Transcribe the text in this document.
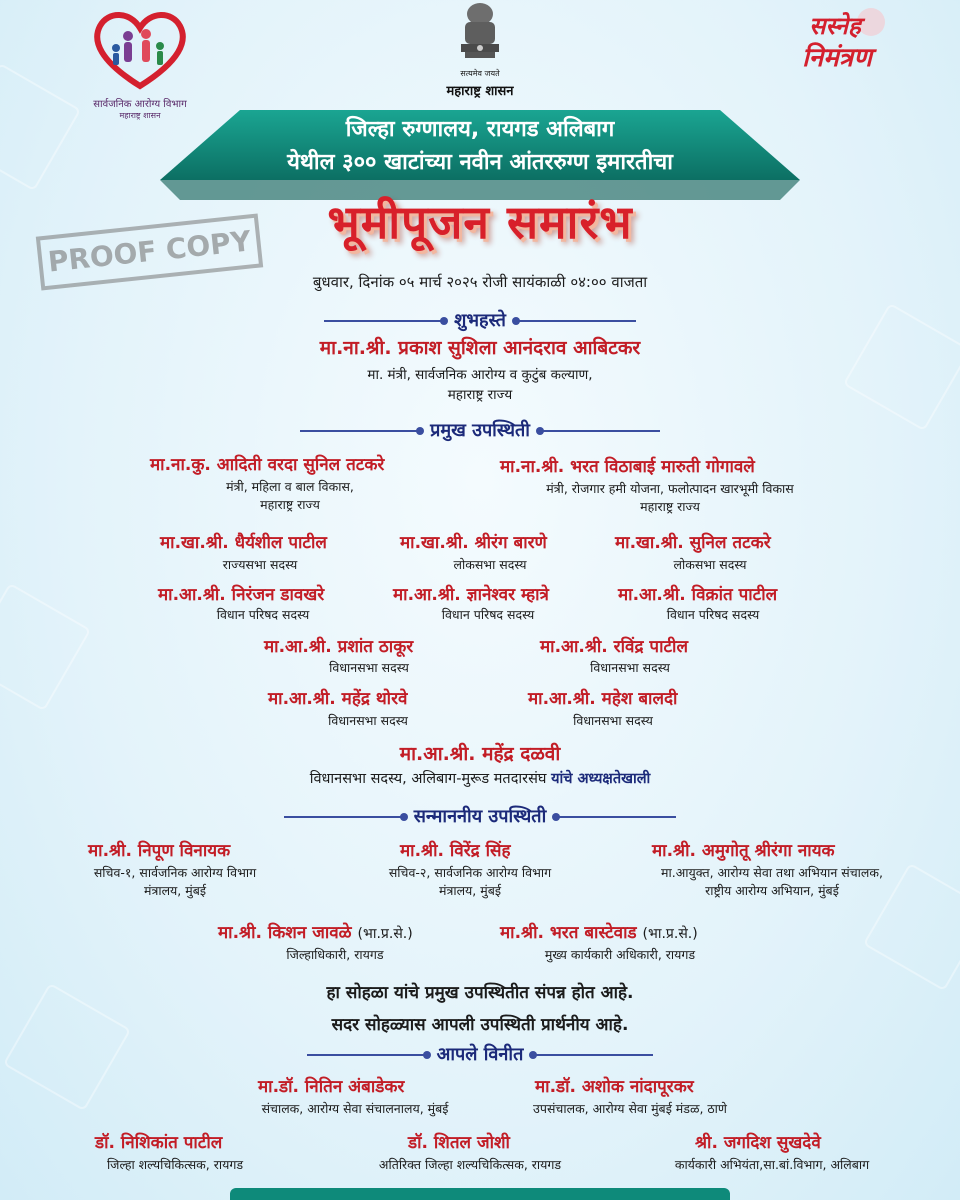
सार्वजनिक आरोग्य विभाग
महाराष्ट्र शासन
सत्यमेव जयते
महाराष्ट्र शासन
सस्नेह
निमंत्रण
जिल्हा रुग्णालय, रायगड अलिबाग
येथील ३०० खाटांच्या नवीन आंतररुग्ण इमारतीचा
PROOF COPY
भूमीपूजन समारंभ
बुधवार, दिनांक ०५ मार्च २०२५ रोजी सायंकाळी ०४:०० वाजता
शुभहस्ते
मा.ना.श्री. प्रकाश सुशिला आनंदराव आबिटकर
मा. मंत्री, सार्वजनिक आरोग्य व कुटुंब कल्याण,
महाराष्ट्र राज्य
प्रमुख उपस्थिती
मा.ना.कु. आदिती वरदा सुनिल तटकरे
मंत्री, महिला व बाल विकास,
महाराष्ट्र राज्य
मा.ना.श्री. भरत विठाबाई मारुती गोगावले
मंत्री, रोजगार हमी योजना, फलोत्पादन खारभूमी विकास
महाराष्ट्र राज्य
मा.खा.श्री. धैर्यशील पाटील
राज्यसभा सदस्य
मा.खा.श्री. श्रीरंग बारणे
लोकसभा सदस्य
मा.खा.श्री. सुनिल तटकरे
लोकसभा सदस्य
मा.आ.श्री. निरंजन डावखरे
विधान परिषद सदस्य
मा.आ.श्री. ज्ञानेश्वर म्हात्रे
विधान परिषद सदस्य
मा.आ.श्री. विक्रांत पाटील
विधान परिषद सदस्य
मा.आ.श्री. प्रशांत ठाकूर
विधानसभा सदस्य
मा.आ.श्री. रविंद्र पाटील
विधानसभा सदस्य
मा.आ.श्री. महेंद्र थोरवे
विधानसभा सदस्य
मा.आ.श्री. महेश बालदी
विधानसभा सदस्य
मा.आ.श्री. महेंद्र दळवी
विधानसभा सदस्य, अलिबाग-मुरूड मतदारसंघ यांचे अध्यक्षतेखाली
सन्माननीय उपस्थिती
मा.श्री. निपूण विनायक
सचिव-१, सार्वजनिक आरोग्य विभाग
मंत्रालय, मुंबई
मा.श्री. विरेंद्र सिंह
सचिव-२, सार्वजनिक आरोग्य विभाग
मंत्रालय, मुंबई
मा.श्री. अमुगोतू श्रीरंगा नायक
मा.आयुक्त, आरोग्य सेवा तथा अभियान संचालक,
राष्ट्रीय आरोग्य अभियान, मुंबई
मा.श्री. किशन जावळे (भा.प्र.से.)
जिल्हाधिकारी, रायगड
मा.श्री. भरत बास्टेवाड (भा.प्र.से.)
मुख्य कार्यकारी अधिकारी, रायगड
हा सोहळा यांचे प्रमुख उपस्थितीत संपन्न होत आहे.
सदर सोहळ्यास आपली उपस्थिती प्रार्थनीय आहे.
आपले विनीत
मा.डॉ. नितिन अंबाडेकर
संचालक, आरोग्य सेवा संचालनालय, मुंबई
मा.डॉ. अशोक नांदापूरकर
उपसंचालक, आरोग्य सेवा मुंबई मंडळ, ठाणे
डॉ. निशिकांत पाटील
जिल्हा शल्यचिकित्सक, रायगड
डॉ. शितल जोशी
अतिरिक्त जिल्हा शल्यचिकित्सक, रायगड
श्री. जगदिश सुखदेवे
कार्यकारी अभियंता,सा.बां.विभाग, अलिबाग
